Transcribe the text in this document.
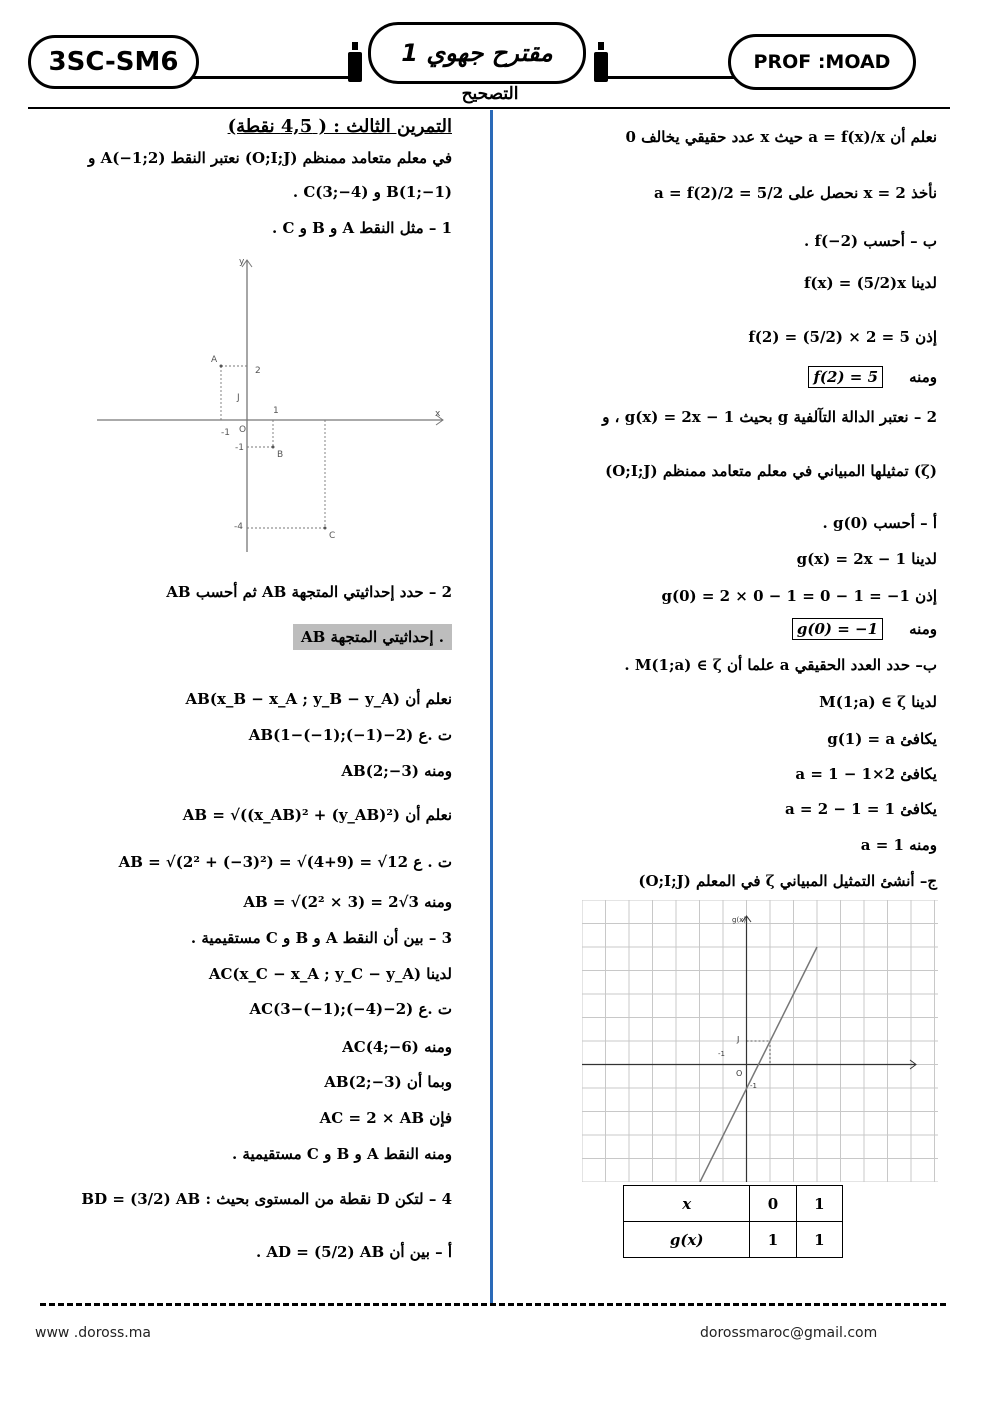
3SC-SM6	مقترح جهوي 1	PROF :MOAD
التصحيح
نعلم أن a = f(x)/x حيث x عدد حقيقي يخالف 0
نأخذ x = 2 نحصل على a = f(2)/2 = 5/2
ب – أحسب f(−2) .
لدينا f(x) = (5/2)x
إذن f(2) = (5/2) × 2 = 5
ومنه     f(2) = 5
2 – نعتبر الدالة التآلفية g بحيث g(x) = 2x − 1 ، و
(ζ) تمثيلها المبياني في معلم متعامد ممنظم (O;I;J)
أ – أحسب g(0) .
لدينا g(x) = 2x − 1
إذن g(0) = 2 × 0 − 1 = 0 − 1 = −1
ومنه     g(0) = −1
ب– حدد العدد الحقيقي a علما أن M(1;a) ∈ ζ .
لدينا M(1;a) ∈ ζ
يكافئ g(1) = a
يكافئ 2×1 − 1 = a
يكافئ a = 2 − 1 = 1
ومنه a = 1
ج– أنشئ التمثيل المبياني ζ في المعلم (O;I;J)
g(x)
J
-1
O
-1
x	0	1
g(x)	1	1
التمرين الثالث : ( 4,5 نقطة)
في معلم متعامد ممنظم (O;I;J) نعتبر النقط A(−1;2) و
B(1;−1) و C(3;−4) .
1 – مثل النقط A و B و C .
A
B
C
y
x
2
1
J
O
-1
-1
-4
2 – حدد إحداثيتي المتجهة AB ثم أحسب AB
. إحداثيتي المتجهة AB
نعلم أن AB(x_B − x_A ; y_B − y_A)
ت .ع AB(1−(−1);(−1)−2)
ومنه AB(2;−3)
نعلم أن AB = √((x_AB)² + (y_AB)²)
ت . ع AB = √(2² + (−3)²) = √(4+9) = √12
ومنه AB = √(2² × 3) = 2√3
3 – بين أن النقط A و B و C مستقيمية .
لدينا AC(x_C − x_A ; y_C − y_A)
ت .ع AC(3−(−1);(−4)−2)
ومنه AC(4;−6)
وبما أن AB(2;−3)
فإن AC = 2 × AB
ومنه النقط A و B و C مستقيمية .
4 – لتكن D نقطة من المستوى بحيث : BD = (3/2) AB
أ – بين أن AD = (5/2) AB .
www .doross.ma	dorossmaroc@gmail.com
